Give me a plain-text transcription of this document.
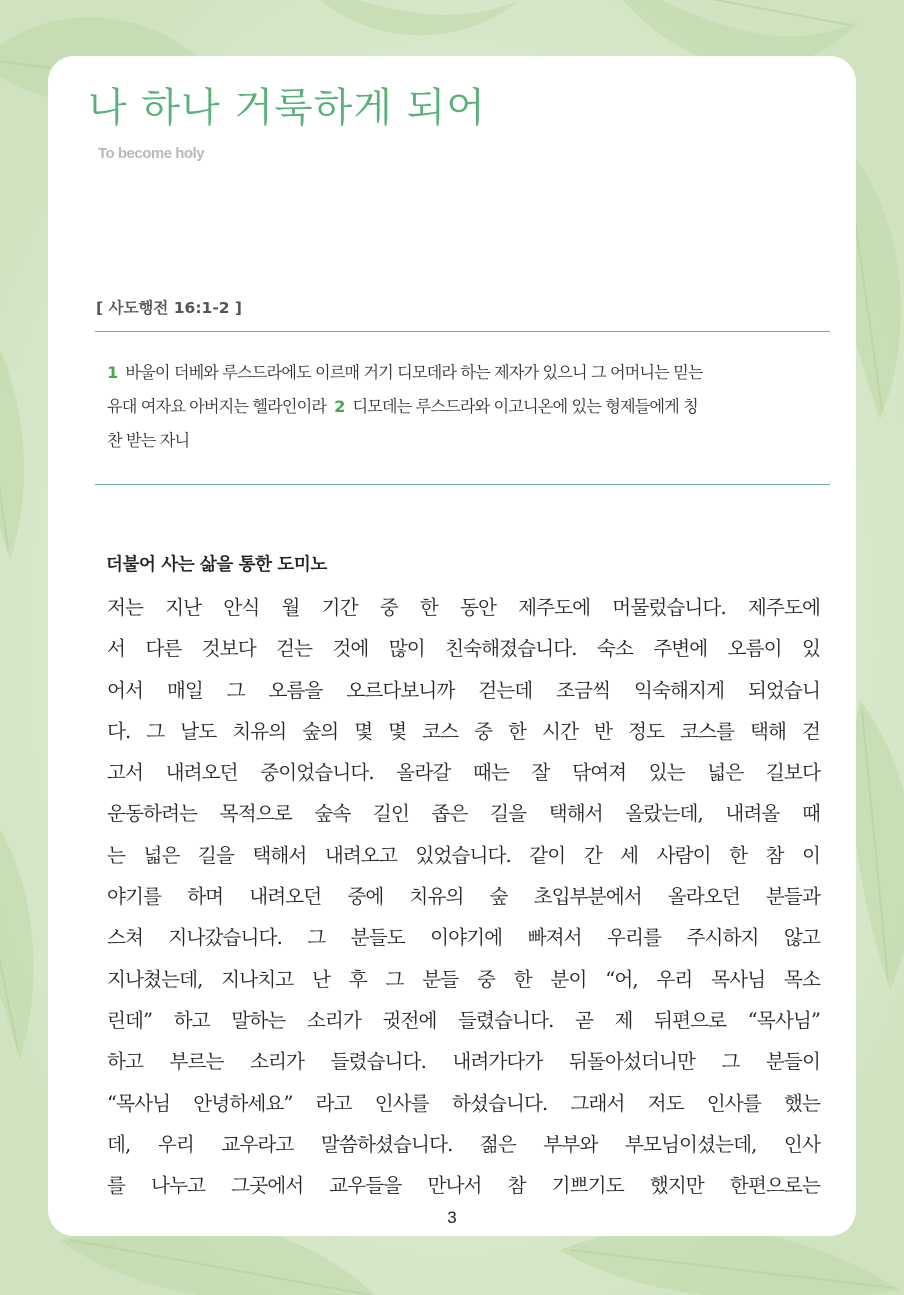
나 하나 거룩하게 되어
To become holy
[ 사도행전 16:1-2 ]
1 바울이 더베와 루스드라에도 이르매 거기 디모데라 하는 제자가 있으니 그 어머니는 믿는
유대 여자요 아버지는 헬라인이라 2 디모데는 루스드라와 이고니온에 있는 형제들에게 칭
찬 받는 자니
더불어 사는 삶을 통한 도미노
저는 지난 안식 월 기간 중 한 동안 제주도에 머물렀습니다. 제주도에
서 다른 것보다 걷는 것에 많이 친숙해졌습니다. 숙소 주변에 오름이 있
어서 매일 그 오름을 오르다보니까 걷는데 조금씩 익숙해지게 되었습니
다. 그 날도 치유의 숲의 몇 몇 코스 중 한 시간 반 정도 코스를 택해 걷
고서 내려오던 중이었습니다. 올라갈 때는 잘 닦여져 있는 넓은 길보다
운동하려는 목적으로 숲속 길인 좁은 길을 택해서 올랐는데, 내려올 때
는 넓은 길을 택해서 내려오고 있었습니다. 같이 간 세 사람이 한 참 이
야기를 하며 내려오던 중에 치유의 숲 초입부분에서 올라오던 분들과
스쳐 지나갔습니다. 그 분들도 이야기에 빠져서 우리를 주시하지 않고
지나쳤는데, 지나치고 난 후 그 분들 중 한 분이 “어, 우리 목사님 목소
린데” 하고 말하는 소리가 귓전에 들렸습니다. 곧 제 뒤편으로 “목사님”
하고 부르는 소리가 들렸습니다. 내려가다가 뒤돌아섰더니만 그 분들이
“목사님 안녕하세요” 라고 인사를 하셨습니다. 그래서 저도 인사를 했는
데, 우리 교우라고 말씀하셨습니다. 젊은 부부와 부모님이셨는데, 인사
를 나누고 그곳에서 교우들을 만나서 참 기쁘기도 했지만 한편으로는
3
